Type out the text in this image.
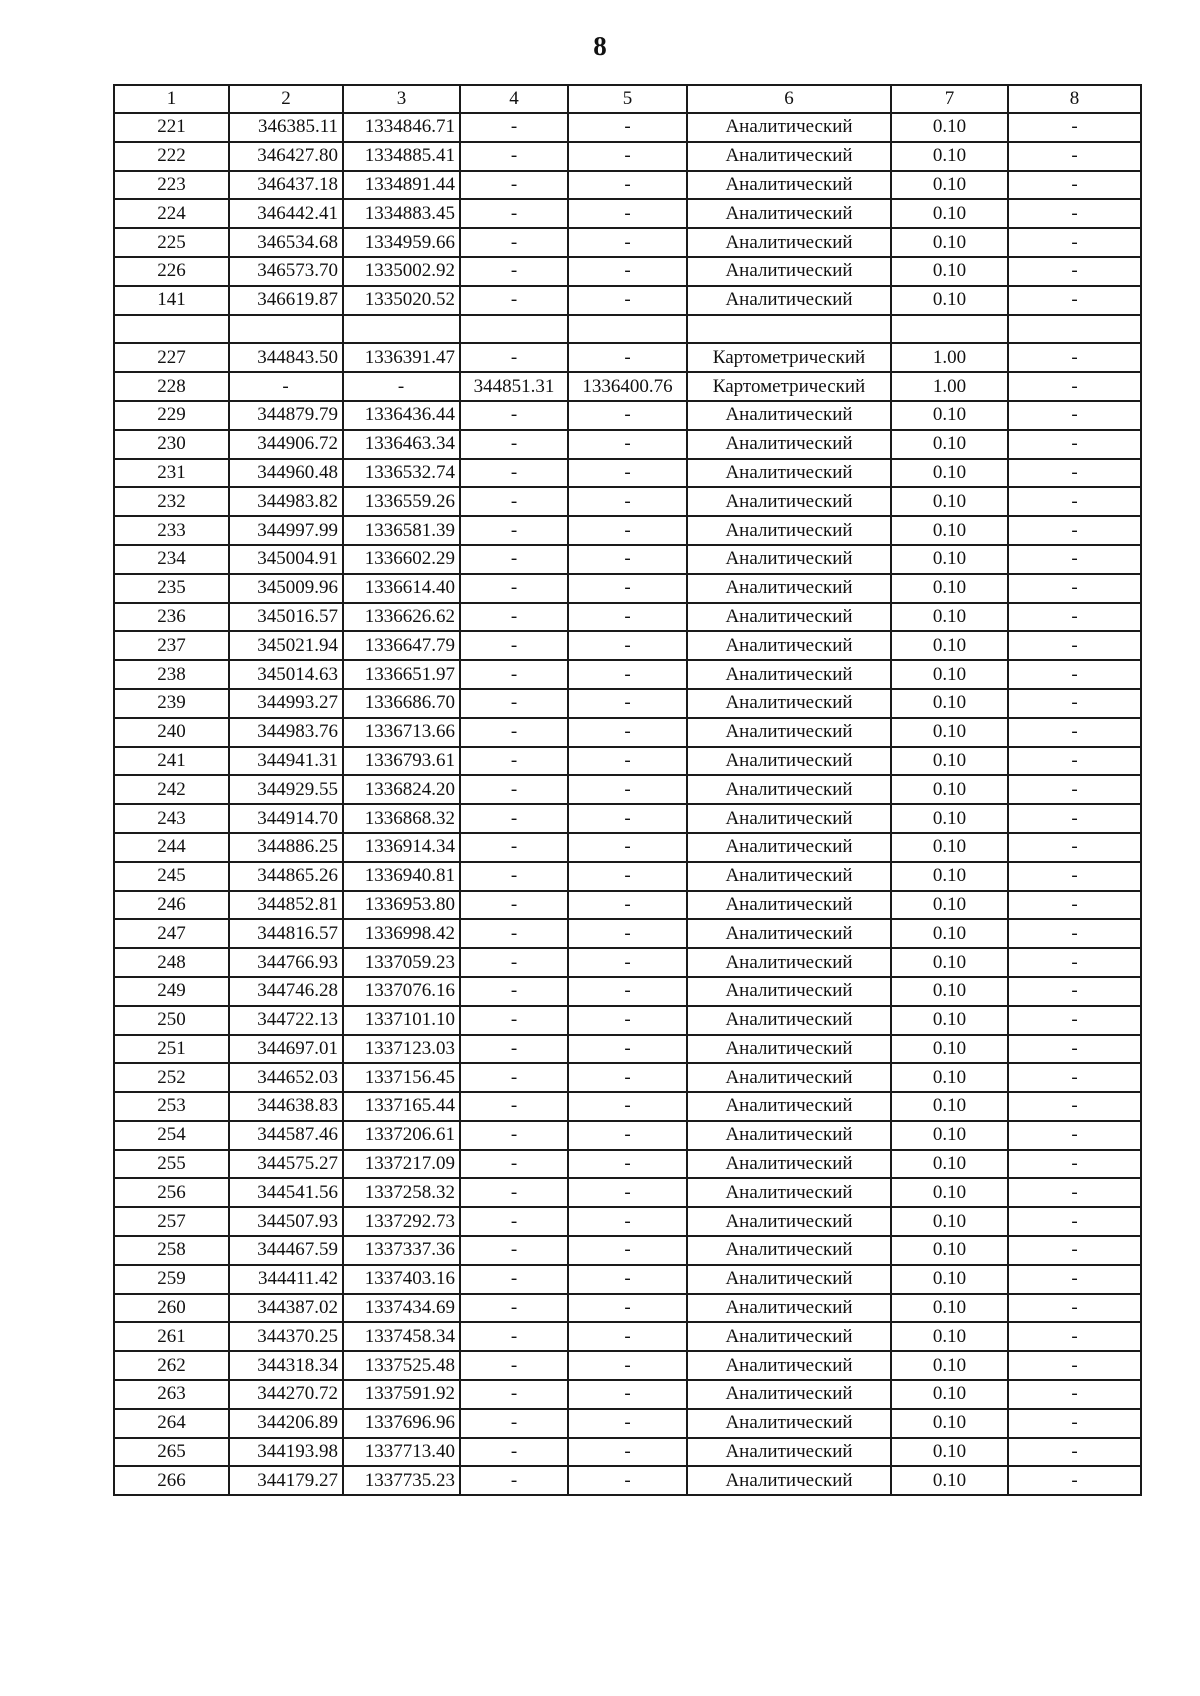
8
1	2	3	4	5	6	7	8
221	346385.11	1334846.71	-	-	Аналитический	0.10	-
222	346427.80	1334885.41	-	-	Аналитический	0.10	-
223	346437.18	1334891.44	-	-	Аналитический	0.10	-
224	346442.41	1334883.45	-	-	Аналитический	0.10	-
225	346534.68	1334959.66	-	-	Аналитический	0.10	-
226	346573.70	1335002.92	-	-	Аналитический	0.10	-
141	346619.87	1335020.52	-	-	Аналитический	0.10	-

227	344843.50	1336391.47	-	-	Картометрический	1.00	-
228	-	-	344851.31	1336400.76	Картометрический	1.00	-
229	344879.79	1336436.44	-	-	Аналитический	0.10	-
230	344906.72	1336463.34	-	-	Аналитический	0.10	-
231	344960.48	1336532.74	-	-	Аналитический	0.10	-
232	344983.82	1336559.26	-	-	Аналитический	0.10	-
233	344997.99	1336581.39	-	-	Аналитический	0.10	-
234	345004.91	1336602.29	-	-	Аналитический	0.10	-
235	345009.96	1336614.40	-	-	Аналитический	0.10	-
236	345016.57	1336626.62	-	-	Аналитический	0.10	-
237	345021.94	1336647.79	-	-	Аналитический	0.10	-
238	345014.63	1336651.97	-	-	Аналитический	0.10	-
239	344993.27	1336686.70	-	-	Аналитический	0.10	-
240	344983.76	1336713.66	-	-	Аналитический	0.10	-
241	344941.31	1336793.61	-	-	Аналитический	0.10	-
242	344929.55	1336824.20	-	-	Аналитический	0.10	-
243	344914.70	1336868.32	-	-	Аналитический	0.10	-
244	344886.25	1336914.34	-	-	Аналитический	0.10	-
245	344865.26	1336940.81	-	-	Аналитический	0.10	-
246	344852.81	1336953.80	-	-	Аналитический	0.10	-
247	344816.57	1336998.42	-	-	Аналитический	0.10	-
248	344766.93	1337059.23	-	-	Аналитический	0.10	-
249	344746.28	1337076.16	-	-	Аналитический	0.10	-
250	344722.13	1337101.10	-	-	Аналитический	0.10	-
251	344697.01	1337123.03	-	-	Аналитический	0.10	-
252	344652.03	1337156.45	-	-	Аналитический	0.10	-
253	344638.83	1337165.44	-	-	Аналитический	0.10	-
254	344587.46	1337206.61	-	-	Аналитический	0.10	-
255	344575.27	1337217.09	-	-	Аналитический	0.10	-
256	344541.56	1337258.32	-	-	Аналитический	0.10	-
257	344507.93	1337292.73	-	-	Аналитический	0.10	-
258	344467.59	1337337.36	-	-	Аналитический	0.10	-
259	344411.42	1337403.16	-	-	Аналитический	0.10	-
260	344387.02	1337434.69	-	-	Аналитический	0.10	-
261	344370.25	1337458.34	-	-	Аналитический	0.10	-
262	344318.34	1337525.48	-	-	Аналитический	0.10	-
263	344270.72	1337591.92	-	-	Аналитический	0.10	-
264	344206.89	1337696.96	-	-	Аналитический	0.10	-
265	344193.98	1337713.40	-	-	Аналитический	0.10	-
266	344179.27	1337735.23	-	-	Аналитический	0.10	-
